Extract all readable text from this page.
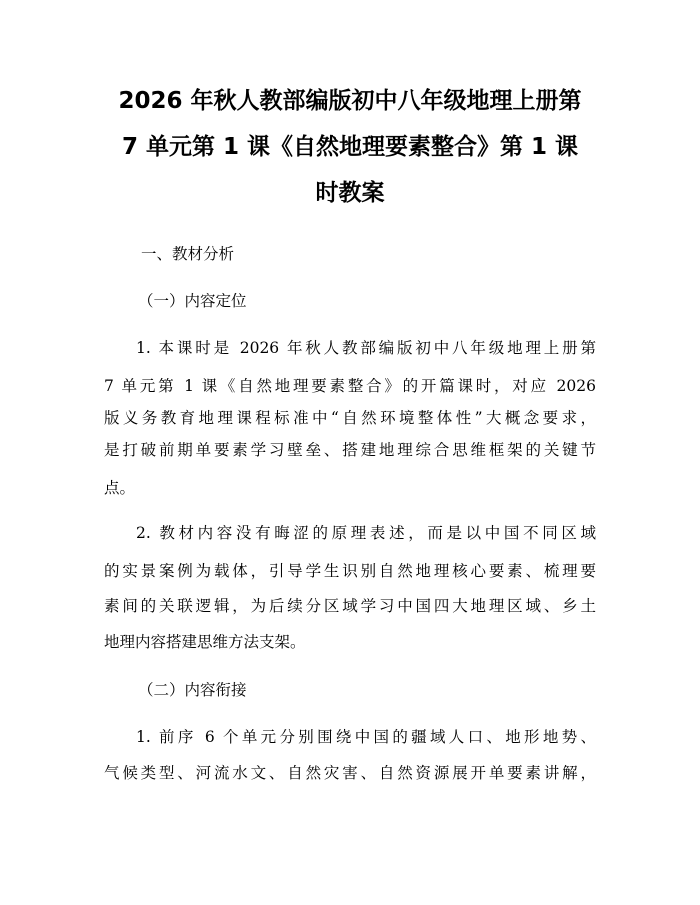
2026 年秋人教部编版初中八年级地理上册第
7 单元第 1 课《自然地理要素整合》第 1 课
时教案
一、教材分析
（一）内容定位
1. 本课时是 2026 年秋人教部编版初中八年级地理上册第
7 单元第 1 课《自然地理要素整合》的开篇课时，对应 2026
版义务教育地理课程标准中“自然环境整体性”大概念要求，
是打破前期单要素学习壁垒、搭建地理综合思维框架的关键节
点。
2. 教材内容没有晦涩的原理表述，而是以中国不同区域
的实景案例为载体，引导学生识别自然地理核心要素、梳理要
素间的关联逻辑，为后续分区域学习中国四大地理区域、乡土
地理内容搭建思维方法支架。
（二）内容衔接
1. 前序 6 个单元分别围绕中国的疆域人口、地形地势、
气候类型、河流水文、自然灾害、自然资源展开单要素讲解，
